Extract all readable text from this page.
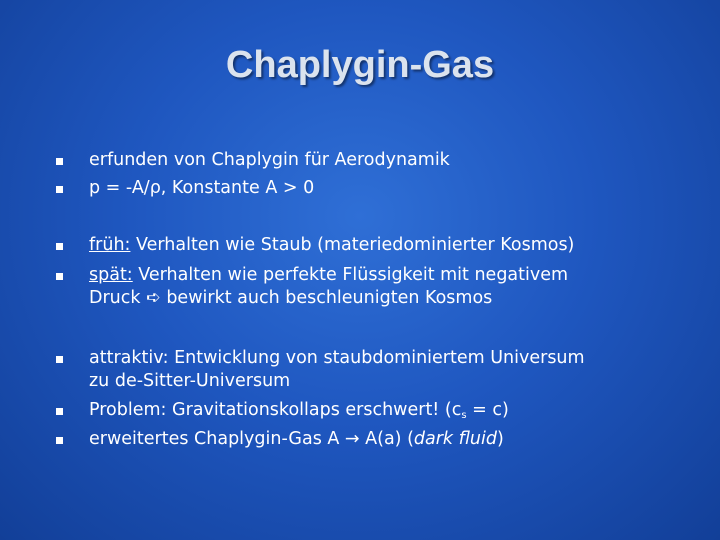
Chaplygin-Gas
erfunden von Chaplygin für Aerodynamik
p = -A/ρ, Konstante A > 0
früh: Verhalten wie Staub (materiedominierter Kosmos)
spät: Verhalten wie perfekte Flüssigkeit mit negativem
Druck ➪ bewirkt auch beschleunigten Kosmos
attraktiv: Entwicklung von staubdominiertem Universum
zu de-Sitter-Universum
Problem: Gravitationskollaps erschwert! $(c_s = c)$
erweitertes Chaplygin-Gas A → A(a) (dark fluid)
